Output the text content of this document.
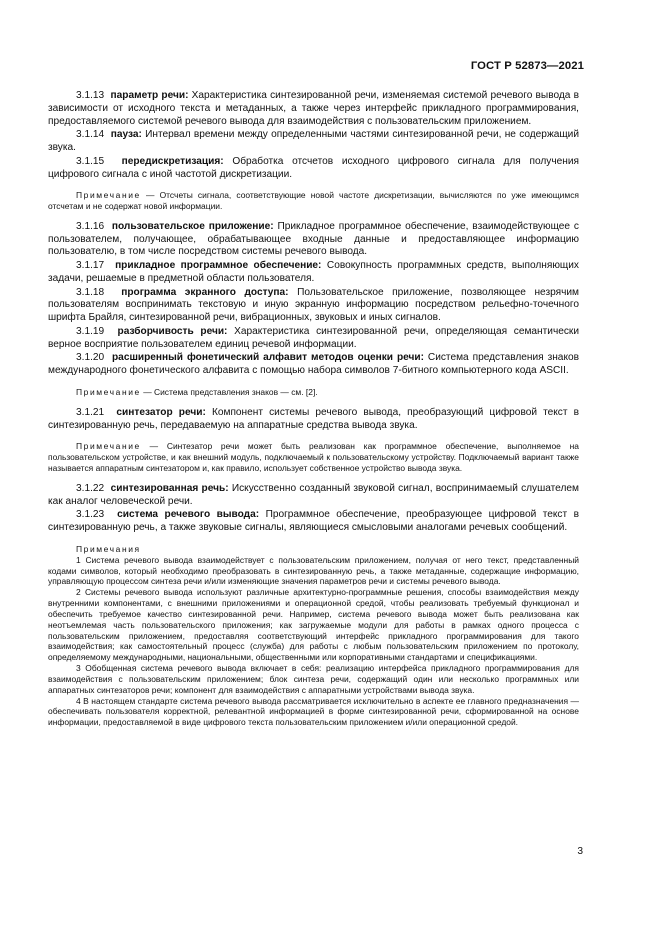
ГОСТ Р 52873—2021

3.1.13 параметр речи: Характеристика синтезированной речи, изменяемая системой речевого вывода в зависимости от исходного текста и метаданных, а также через интерфейс прикладного программирования, предоставляемого системой речевого вывода для взаимодействия с пользовательским приложением.

3.1.14 пауза: Интервал времени между определенными частями синтезированной речи, не содержащий звука.

3.1.15 передискретизация: Обработка отсчетов исходного цифрового сигнала для получения цифрового сигнала с иной частотой дискретизации.

Примечание — Отсчеты сигнала, соответствующие новой частоте дискретизации, вычисляются по уже имеющимся отсчетам и не содержат новой информации.

3.1.16 пользовательское приложение: Прикладное программное обеспечение, взаимодействующее с пользователем, получающее, обрабатывающее входные данные и предоставляющее информацию пользователю, в том числе посредством системы речевого вывода.

3.1.17 прикладное программное обеспечение: Совокупность программных средств, выполняющих задачи, решаемые в предметной области пользователя.

3.1.18 программа экранного доступа: Пользовательское приложение, позволяющее незрячим пользователям воспринимать текстовую и иную экранную информацию посредством рельефно-точечного шрифта Брайля, синтезированной речи, вибрационных, звуковых и иных сигналов.

3.1.19 разборчивость речи: Характеристика синтезированной речи, определяющая семантически верное восприятие пользователем единиц речевой информации.

3.1.20 расширенный фонетический алфавит методов оценки речи: Система представления знаков международного фонетического алфавита с помощью набора символов 7-битного компьютерного кода ASCII.

Примечание — Система представления знаков — см. [2].

3.1.21 синтезатор речи: Компонент системы речевого вывода, преобразующий цифровой текст в синтезированную речь, передаваемую на аппаратные средства вывода звука.

Примечание — Синтезатор речи может быть реализован как программное обеспечение, выполняемое на пользовательском устройстве, и как внешний модуль, подключаемый к пользовательскому устройству. Подключаемый вариант также называется аппаратным синтезатором и, как правило, использует собственное устройство вывода звука.

3.1.22 синтезированная речь: Искусственно созданный звуковой сигнал, воспринимаемый слушателем как аналог человеческой речи.

3.1.23 система речевого вывода: Программное обеспечение, преобразующее цифровой текст в синтезированную речь, а также звуковые сигналы, являющиеся смысловыми аналогами речевых сообщений.

Примечания

1 Система речевого вывода взаимодействует с пользовательским приложением, получая от него текст, представленный кодами символов, который необходимо преобразовать в синтезированную речь, а также метаданные, содержащие информацию, управляющую процессом синтеза речи и/или изменяющие значения параметров речи и системы речевого вывода.

2 Системы речевого вывода используют различные архитектурно-программные решения, способы взаимодействия между внутренними компонентами, с внешними приложениями и операционной средой, чтобы реализовать требуемый функционал и обеспечить требуемое качество синтезированной речи. Например, система речевого вывода может быть реализована как неотъемлемая часть пользовательского приложения; как загружаемые модули для работы в рамках одного процесса с пользовательским приложением, предоставляя соответствующий интерфейс прикладного программирования для такого взаимодействия; как самостоятельный процесс (служба) для работы с любым пользовательским приложением по протоколу, определяемому международными, национальными, общественными или корпоративными стандартами и спецификациями.

3 Обобщенная система речевого вывода включает в себя: реализацию интерфейса прикладного программирования для взаимодействия с пользовательским приложением; блок синтеза речи, содержащий один или несколько программных или аппаратных синтезаторов речи; компонент для взаимодействия с аппаратными устройствами вывода звука.

4 В настоящем стандарте система речевого вывода рассматривается исключительно в аспекте ее главного предназначения — обеспечивать пользователя корректной, релевантной информацией в форме синтезированной речи, сформированной на основе информации, предоставляемой в виде цифрового текста пользовательским приложением и/или операционной средой.

3
